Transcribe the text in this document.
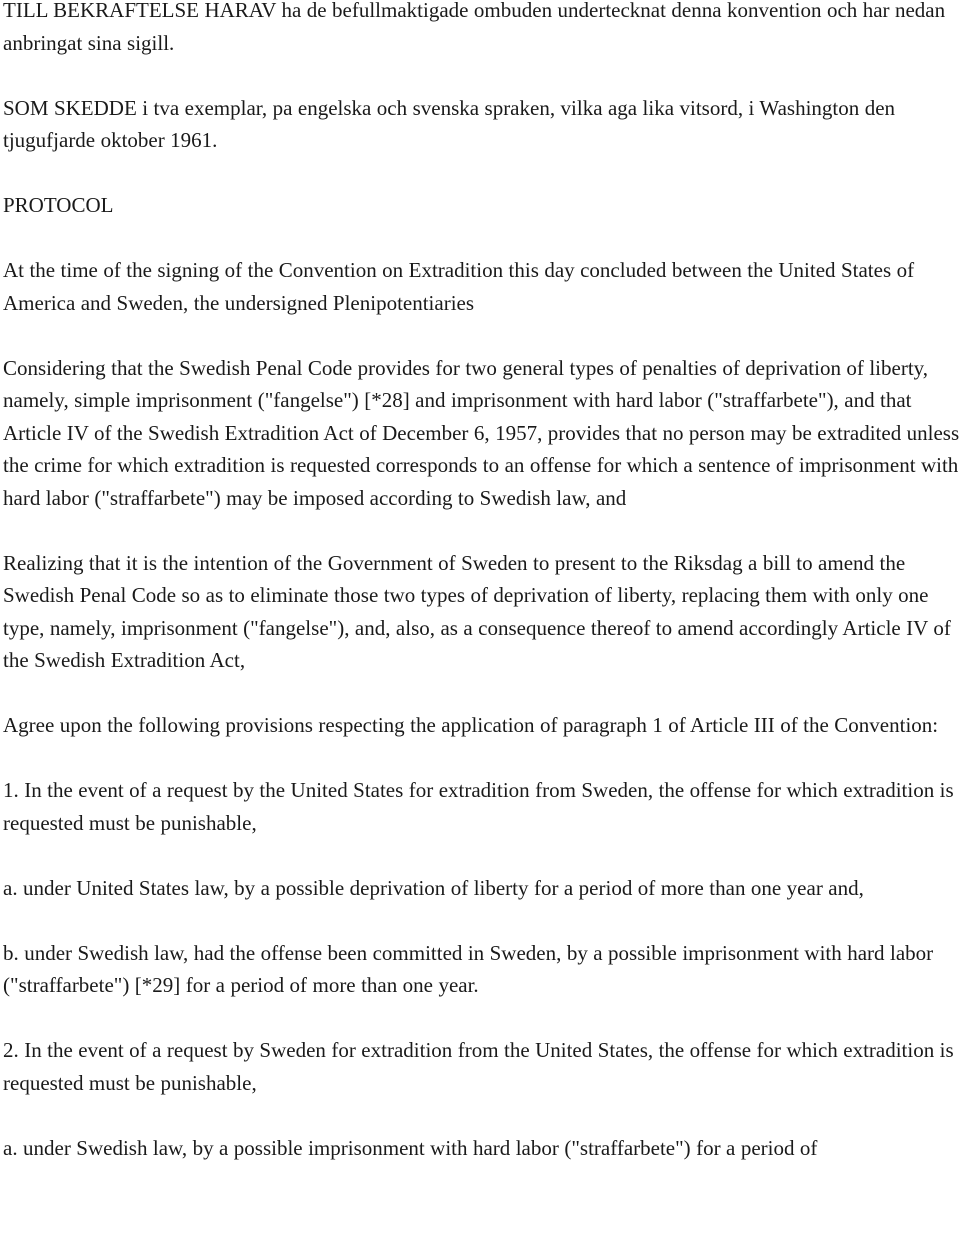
TILL BEKRAFTELSE HARAV ha de befullmaktigade ombuden undertecknat denna konvention och har nedan anbringat sina sigill.

SOM SKEDDE i tva exemplar, pa engelska och svenska spraken, vilka aga lika vitsord, i Washington den tjugufjarde oktober 1961.

PROTOCOL

At the time of the signing of the Convention on Extradition this day concluded between the United States of America and Sweden, the undersigned Plenipotentiaries

Considering that the Swedish Penal Code provides for two general types of penalties of deprivation of liberty, namely, simple imprisonment ("fangelse") [*28] and imprisonment with hard labor ("straffarbete"), and that Article IV of the Swedish Extradition Act of December 6, 1957, provides that no person may be extradited unless the crime for which extradition is requested corresponds to an offense for which a sentence of imprisonment with hard labor ("straffarbete") may be imposed according to Swedish law, and

Realizing that it is the intention of the Government of Sweden to present to the Riksdag a bill to amend the Swedish Penal Code so as to eliminate those two types of deprivation of liberty, replacing them with only one type, namely, imprisonment ("fangelse"), and, also, as a consequence thereof to amend accordingly Article IV of the Swedish Extradition Act,

Agree upon the following provisions respecting the application of paragraph 1 of Article III of the Convention:

1. In the event of a request by the United States for extradition from Sweden, the offense for which extradition is requested must be punishable,

a. under United States law, by a possible deprivation of liberty for a period of more than one year and,

b. under Swedish law, had the offense been committed in Sweden, by a possible imprisonment with hard labor ("straffarbete") [*29] for a period of more than one year.

2. In the event of a request by Sweden for extradition from the United States, the offense for which extradition is requested must be punishable,

a. under Swedish law, by a possible imprisonment with hard labor ("straffarbete") for a period of
